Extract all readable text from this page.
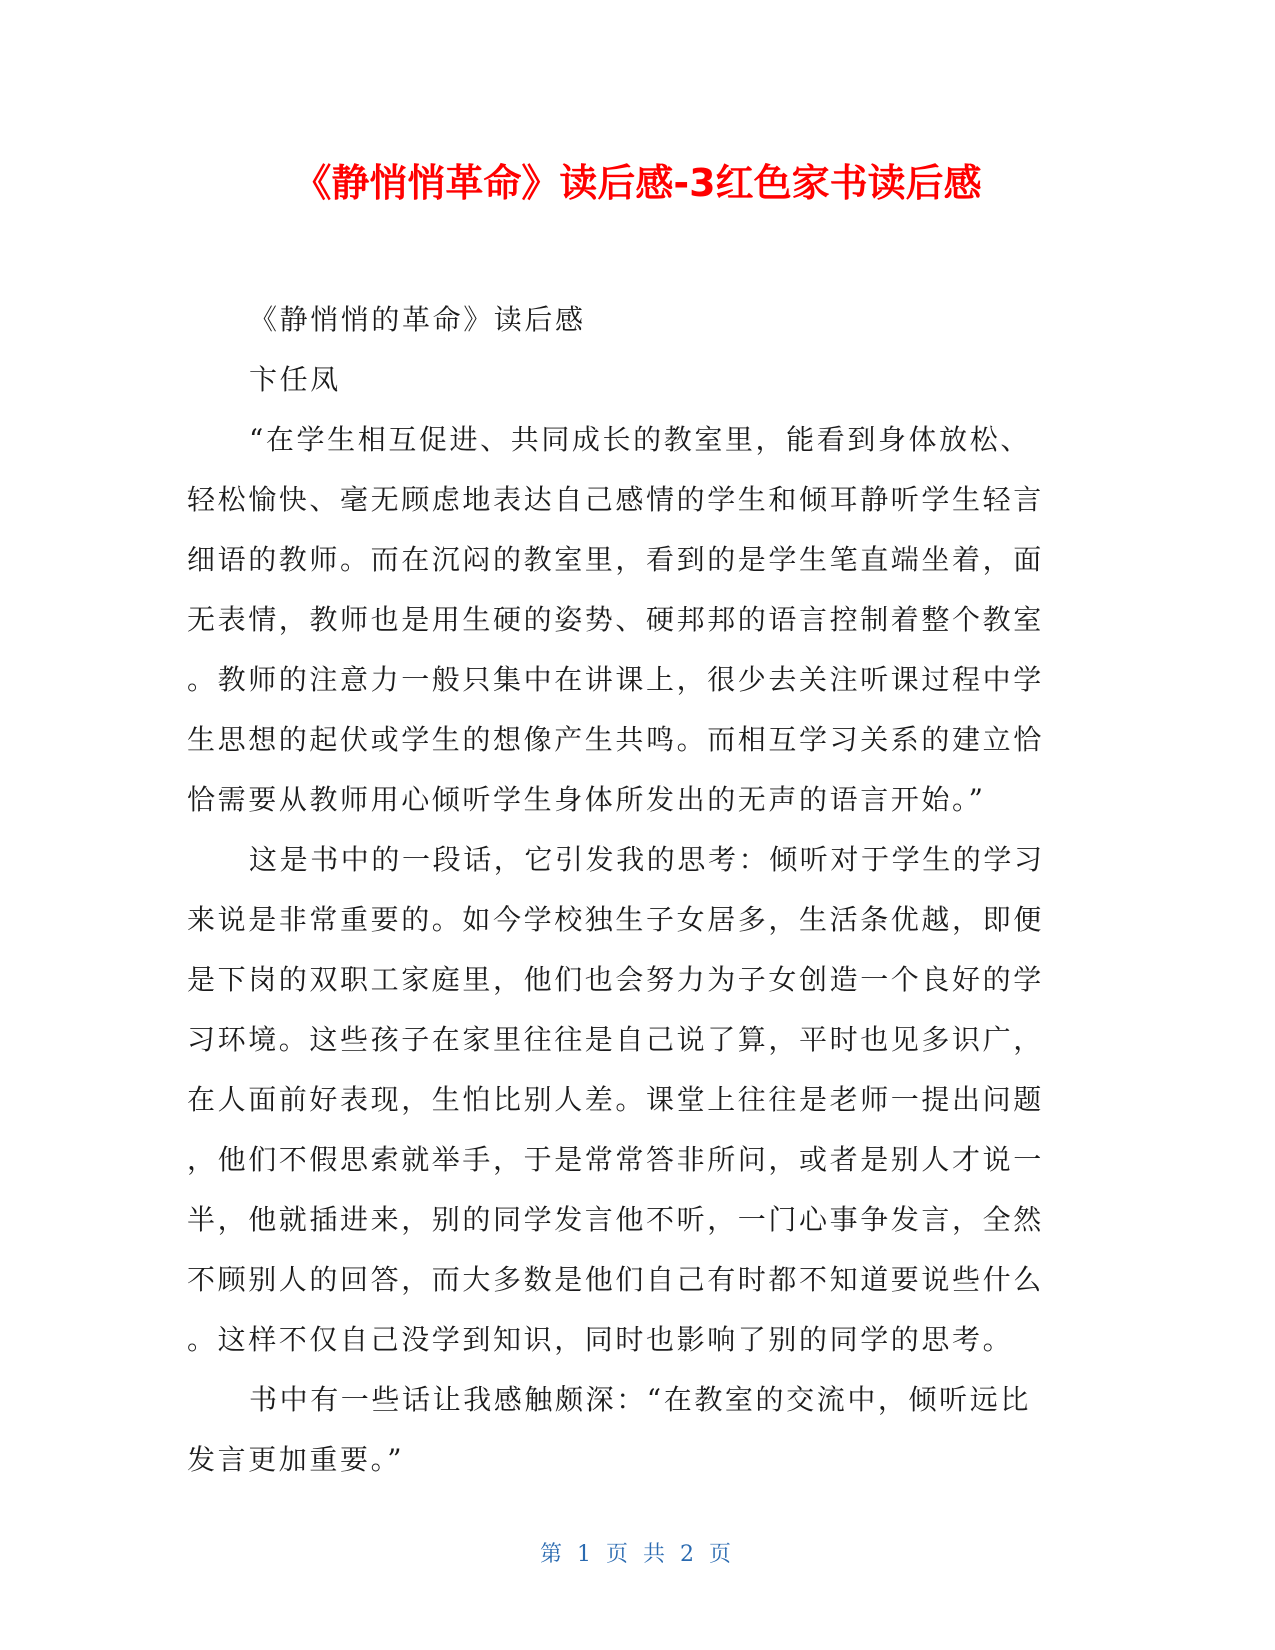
《静悄悄革命》读后感-3红色家书读后感
《静悄悄的革命》读后感
卞任凤
“在学生相互促进、共同成长的教室里，能看到身体放松、
轻松愉快、毫无顾虑地表达自己感情的学生和倾耳静听学生轻言
细语的教师。而在沉闷的教室里，看到的是学生笔直端坐着，面
无表情，教师也是用生硬的姿势、硬邦邦的语言控制着整个教室
。教师的注意力一般只集中在讲课上，很少去关注听课过程中学
生思想的起伏或学生的想像产生共鸣。而相互学习关系的建立恰
恰需要从教师用心倾听学生身体所发出的无声的语言开始。”
这是书中的一段话，它引发我的思考：倾听对于学生的学习
来说是非常重要的。如今学校独生子女居多，生活条优越，即便
是下岗的双职工家庭里，他们也会努力为子女创造一个良好的学
习环境。这些孩子在家里往往是自己说了算，平时也见多识广，
在人面前好表现，生怕比别人差。课堂上往往是老师一提出问题
，他们不假思索就举手，于是常常答非所问，或者是别人才说一
半，他就插进来，别的同学发言他不听，一门心事争发言，全然
不顾别人的回答，而大多数是他们自己有时都不知道要说些什么
。这样不仅自己没学到知识，同时也影响了别的同学的思考。
书中有一些话让我感触颇深：“在教室的交流中，倾听远比
发言更加重要。”
第 1 页 共 2 页
